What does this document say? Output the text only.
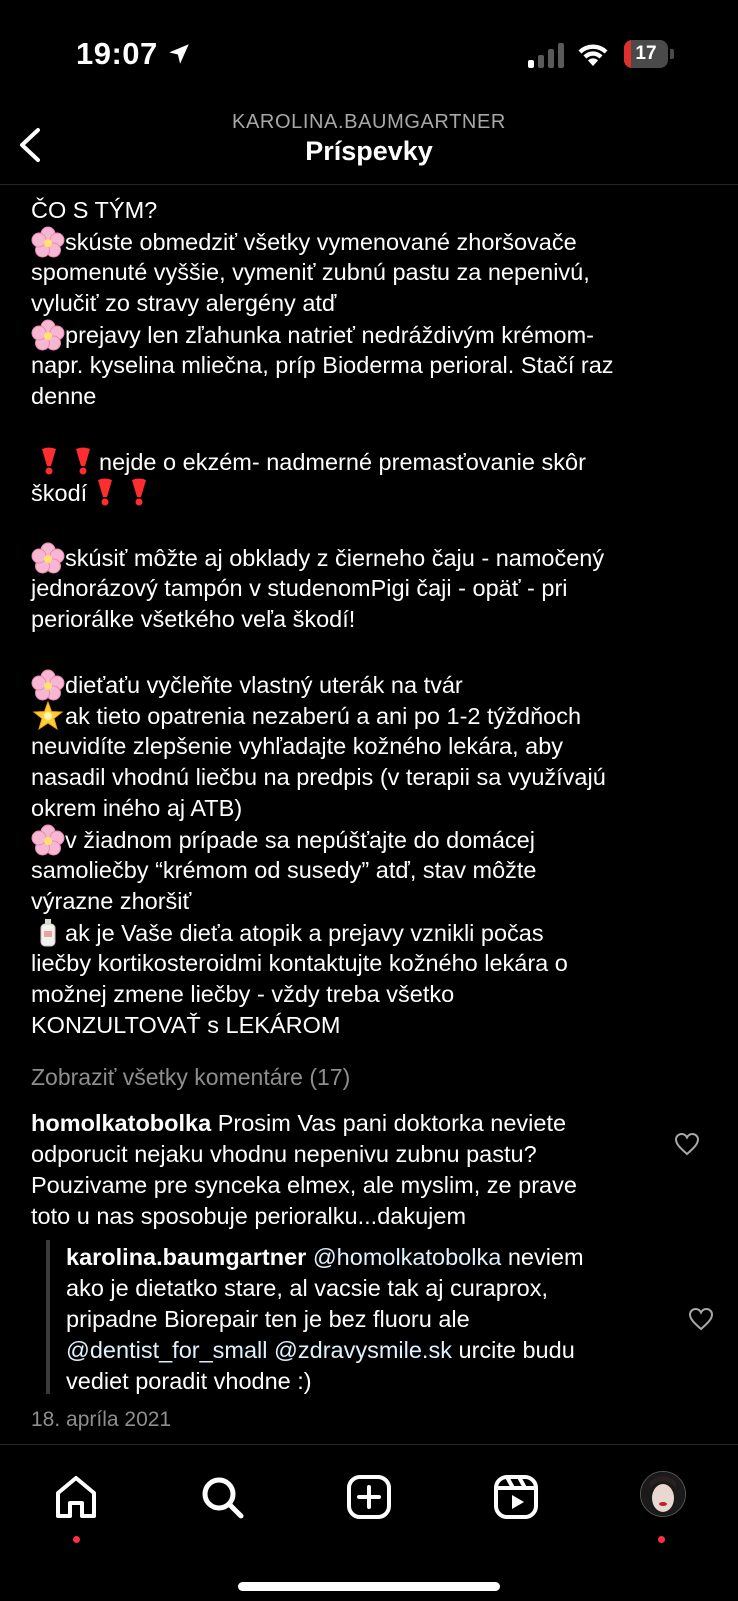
19:07	17
KAROLINA.BAUMGARTNER
Príspevky
ČO S TÝM?
skúste obmedziť všetky vymenované zhoršovače
spomenuté vyššie, vymeniť zubnú pastu za nepenivú,
vylučiť zo stravy alergény atď
prejavy len zľahunka natrieť nedráždivým krémom-
napr. kyselina mliečna, príp Bioderma perioral. Stačí raz
denne
nejde o ekzém- nadmerné premasťovanie skôr
škodí
skúsiť môžte aj obklady z čierneho čaju - namočený
jednorázový tampón v studenomPigi čaji - opäť - pri
periorálke všetkého veľa škodí!
dieťaťu vyčleňte vlastný uterák na tvár
ak tieto opatrenia nezaberú a ani po 1-2 týždňoch
neuvidíte zlepšenie vyhľadajte kožného lekára, aby
nasadil vhodnú liečbu na predpis (v terapii sa využívajú
okrem iného aj ATB)
v žiadnom prípade sa nepúšťajte do domácej
samoliečby “krémom od susedy” atď, stav môžte
výrazne zhoršiť
ak je Vaše dieťa atopik a prejavy vznikli počas
liečby kortikosteroidmi kontaktujte kožného lekára o
možnej zmene liečby - vždy treba všetko
KONZULTOVAŤ s LEKÁROM
Zobraziť všetky komentáre (17)
homolkatobolka Prosim Vas pani doktorka neviete
odporucit nejaku vhodnu nepenivu zubnu pastu?
Pouzivame pre synceka elmex, ale myslim, ze prave
toto u nas sposobuje perioralku...dakujem
karolina.baumgartner @homolkatobolka neviem
ako je dietatko stare, al vacsie tak aj curaprox,
pripadne Biorepair ten je bez fluoru ale
@dentist_for_small @zdravysmile.sk urcite budu
vediet poradit vhodne :)
18. apríla 2021
